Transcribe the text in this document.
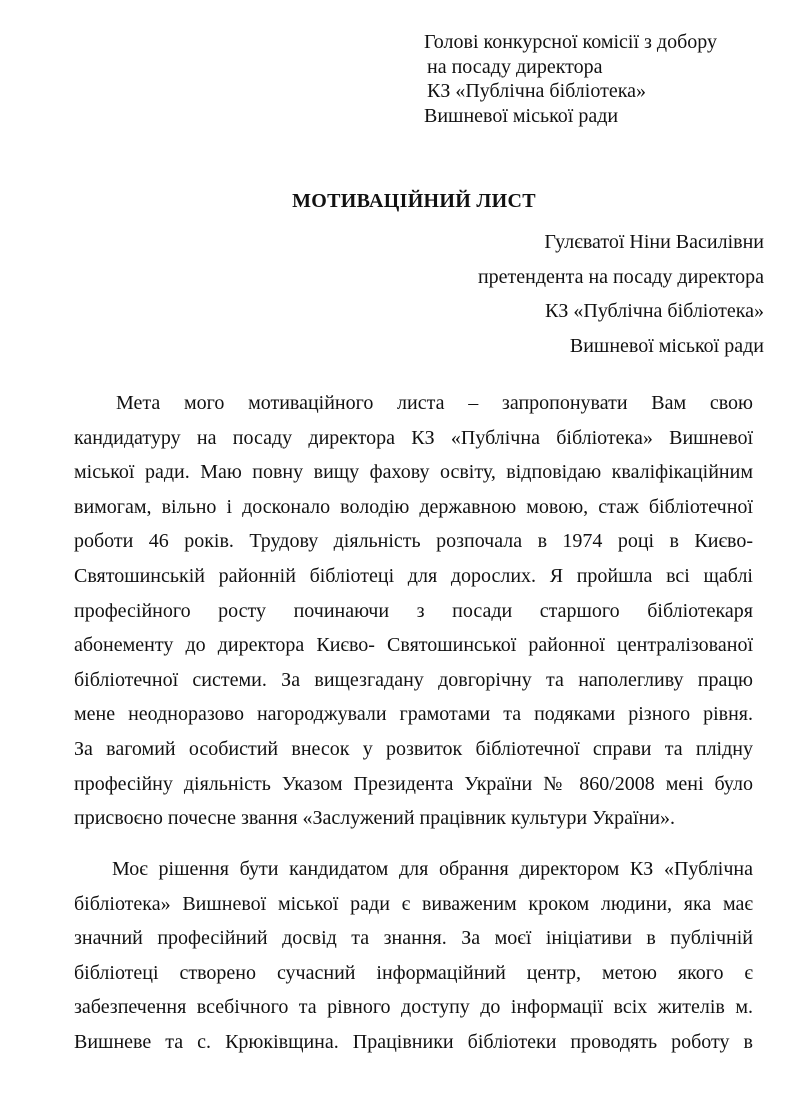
Голові конкурсної комісії з добору
на посаду директора
КЗ «Публічна бібліотека»
Вишневої міської ради
МОТИВАЦІЙНИЙ ЛИСТ
Гулєватої Ніни Василівни
претендента на посаду директора
КЗ «Публічна бібліотека»
Вишневої міської ради
Мета мого мотиваційного листа – запропонувати Вам свою
кандидатуру на посаду директора КЗ «Публічна бібліотека» Вишневої
міської ради. Маю повну вищу фахову освіту, відповідаю кваліфікаційним
вимогам, вільно і досконало володію державною мовою, стаж бібліотечної
роботи 46 років. Трудову діяльність розпочала в 1974 році в Києво-
Святошинській районній бібліотеці для дорослих. Я пройшла всі щаблі
професійного росту починаючи з посади старшого бібліотекаря
абонементу до директора Києво- Святошинської районної централізованої
бібліотечної системи. За вищезгадану довгорічну та наполегливу працю
мене неодноразово нагороджували грамотами та подяками різного рівня.
За вагомий особистий внесок у розвиток бібліотечної справи та плідну
професійну діяльність Указом Президента України № 860/2008 мені було
присвоєно почесне звання «Заслужений працівник культури України».
Моє рішення бути кандидатом для обрання директором КЗ «Публічна
бібліотека» Вишневої міської ради є виваженим кроком людини, яка має
значний професійний досвід та знання. За моєї ініціативи в публічній
бібліотеці створено сучасний інформаційний центр, метою якого є
забезпечення всебічного та рівного доступу до інформації всіх жителів м.
Вишневе та с. Крюківщина. Працівники бібліотеки проводять роботу в
